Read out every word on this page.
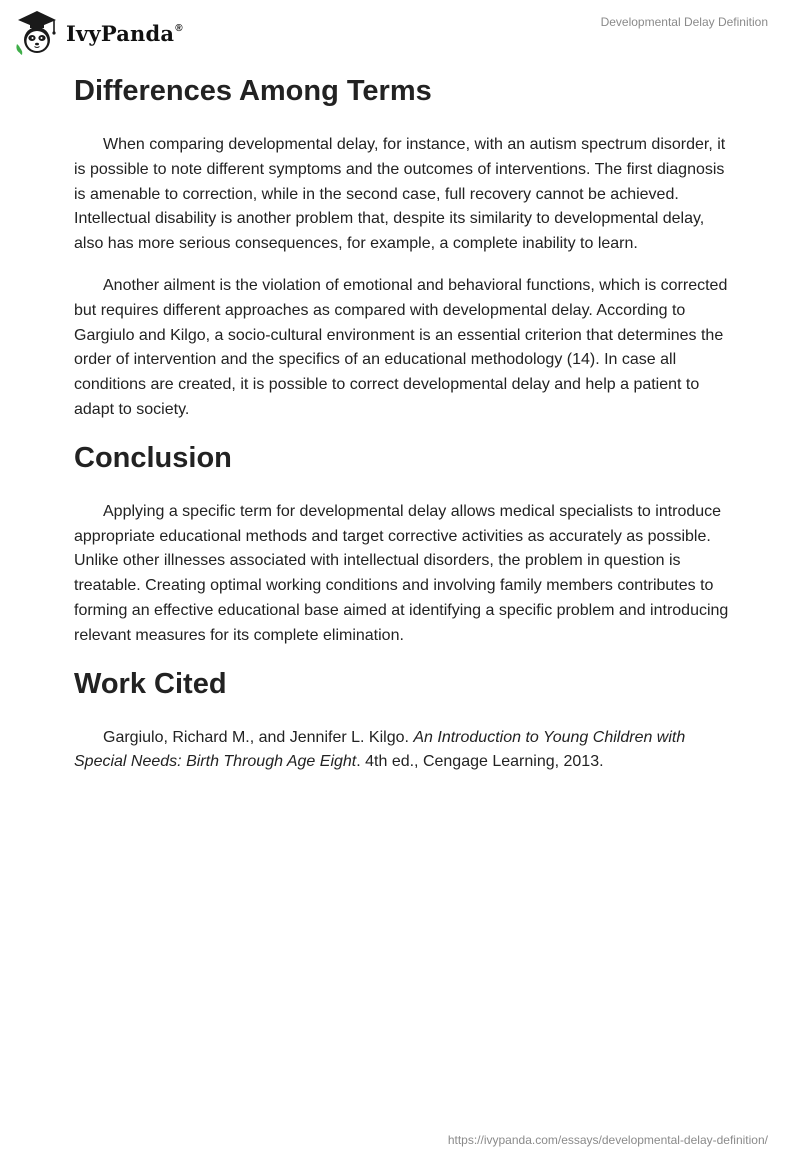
IvyPanda®	Developmental Delay Definition
Differences Among Terms

When comparing developmental delay, for instance, with an autism spectrum disorder, it is possible to note different symptoms and the outcomes of interventions. The first diagnosis is amenable to correction, while in the second case, full recovery cannot be achieved. Intellectual disability is another problem that, despite its similarity to developmental delay, also has more serious consequences, for example, a complete inability to learn.

Another ailment is the violation of emotional and behavioral functions, which is corrected but requires different approaches as compared with developmental delay. According to Gargiulo and Kilgo, a socio-cultural environment is an essential criterion that determines the order of intervention and the specifics of an educational methodology (14). In case all conditions are created, it is possible to correct developmental delay and help a patient to adapt to society.

Conclusion

Applying a specific term for developmental delay allows medical specialists to introduce appropriate educational methods and target corrective activities as accurately as possible. Unlike other illnesses associated with intellectual disorders, the problem in question is treatable. Creating optimal working conditions and involving family members contributes to forming an effective educational base aimed at identifying a specific problem and introducing relevant measures for its complete elimination.

Work Cited

Gargiulo, Richard M., and Jennifer L. Kilgo. An Introduction to Young Children with Special Needs: Birth Through Age Eight. 4th ed., Cengage Learning, 2013.

https://ivypanda.com/essays/developmental-delay-definition/
